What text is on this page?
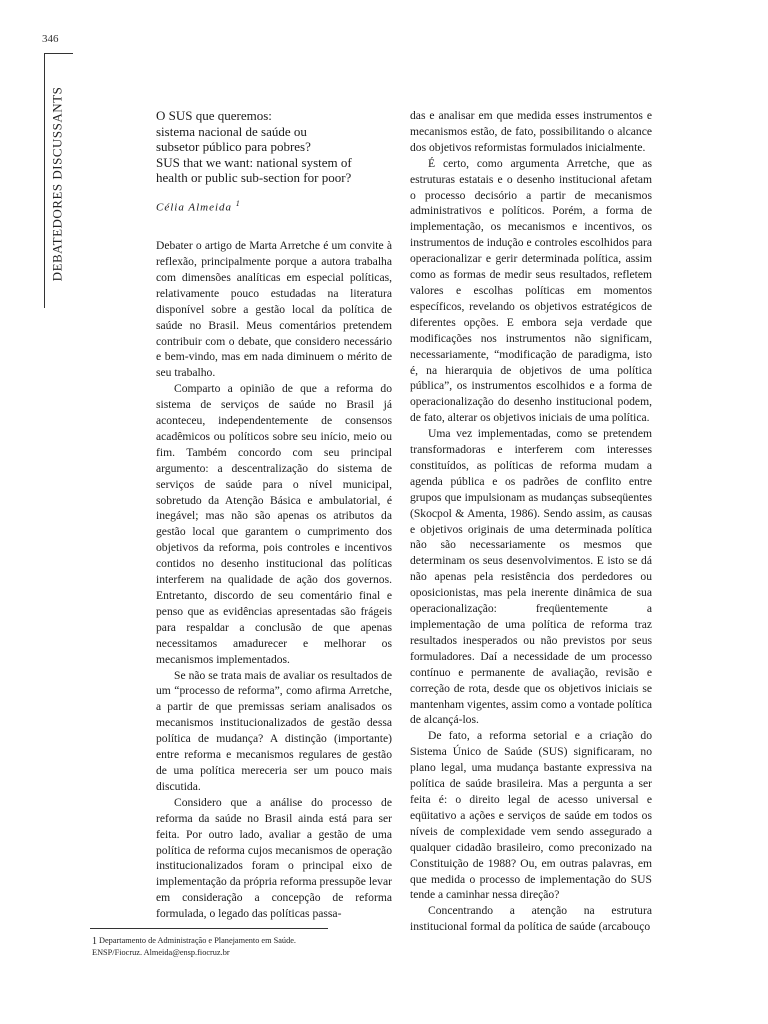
346
DEBATEDORES DISCUSSANTS	O SUS que queremos:
sistema nacional de saúde ou
subsetor público para pobres?
SUS that we want: national system of
health or public sub-section for poor?
Célia Almeida $^1$

Debater o artigo de Marta Arretche é um convite à reflexão, principalmente porque a autora trabalha com dimensões analíticas em especial políticas, relativamente pouco estudadas na literatura disponível sobre a gestão local da política de saúde no Brasil. Meus comentários pretendem contribuir com o debate, que considero necessário e bem-vindo, mas em nada diminuem o mérito de seu trabalho.

Comparto a opinião de que a reforma do sistema de serviços de saúde no Brasil já aconteceu, independentemente de consensos acadêmicos ou políticos sobre seu início, meio ou fim. Também concordo com seu principal argumento: a descentralização do sistema de serviços de saúde para o nível municipal, sobretudo da Atenção Básica e ambulatorial, é inegável; mas não são apenas os atributos da gestão local que garantem o cumprimento dos objetivos da reforma, pois controles e incentivos contidos no desenho institucional das políticas interferem na qualidade de ação dos governos. Entretanto, discordo de seu comentário final e penso que as evidências apresentadas são frágeis para respaldar a conclusão de que apenas necessitamos amadurecer e melhorar os mecanismos implementados.

Se não se trata mais de avaliar os resultados de um “processo de reforma”, como afirma Arretche, a partir de que premissas seriam analisados os mecanismos institucionalizados de gestão dessa política de mudança? A distinção (importante) entre reforma e mecanismos regulares de gestão de uma política mereceria ser um pouco mais discutida.

Considero que a análise do processo de reforma da saúde no Brasil ainda está para ser feita. Por outro lado, avaliar a gestão de uma política de reforma cujos mecanismos de operação institucionalizados foram o principal eixo de implementação da própria reforma pressupõe levar em consideração a concepção de reforma formulada, o legado das políticas passa-

das e analisar em que medida esses instrumentos e mecanismos estão, de fato, possibilitando o alcance dos objetivos reformistas formulados inicialmente.

É certo, como argumenta Arretche, que as estruturas estatais e o desenho institucional afetam o processo decisório a partir de mecanismos administrativos e políticos. Porém, a forma de implementação, os mecanismos e incentivos, os instrumentos de indução e controles escolhidos para operacionalizar e gerir determinada política, assim como as formas de medir seus resultados, refletem valores e escolhas políticas em momentos específicos, revelando os objetivos estratégicos de diferentes opções. E embora seja verdade que modificações nos instrumentos não significam, necessariamente, “modificação de paradigma, isto é, na hierarquia de objetivos de uma política pública”, os instrumentos escolhidos e a forma de operacionalização do desenho institucional podem, de fato, alterar os objetivos iniciais de uma política.

Uma vez implementadas, como se pretendem transformadoras e interferem com interesses constituídos, as políticas de reforma mudam a agenda pública e os padrões de conflito entre grupos que impulsionam as mudanças subseqüentes (Skocpol & Amenta, 1986). Sendo assim, as causas e objetivos originais de uma determinada política não são necessariamente os mesmos que determinam os seus desenvolvimentos. E isto se dá não apenas pela resistência dos perdedores ou oposicionistas, mas pela inerente dinâmica de sua operacionalização: freqüentemente a implementação de uma política de reforma traz resultados inesperados ou não previstos por seus formuladores. Daí a necessidade de um processo contínuo e permanente de avaliação, revisão e correção de rota, desde que os objetivos iniciais se mantenham vigentes, assim como a vontade política de alcançá-los.

De fato, a reforma setorial e a criação do Sistema Único de Saúde (SUS) significaram, no plano legal, uma mudança bastante expressiva na política de saúde brasileira. Mas a pergunta a ser feita é: o direito legal de acesso universal e eqüitativo a ações e serviços de saúde em todos os níveis de complexidade vem sendo assegurado a qualquer cidadão brasileiro, como preconizado na Constituição de 1988? Ou, em outras palavras, em que medida o processo de implementação do SUS tende a caminhar nessa direção?

Concentrando a atenção na estrutura institucional formal da política de saúde (arcabouço

$^1$ Departamento de Administração e Planejamento em Saúde. ENSP/Fiocruz. Almeida@ensp.fiocruz.br
